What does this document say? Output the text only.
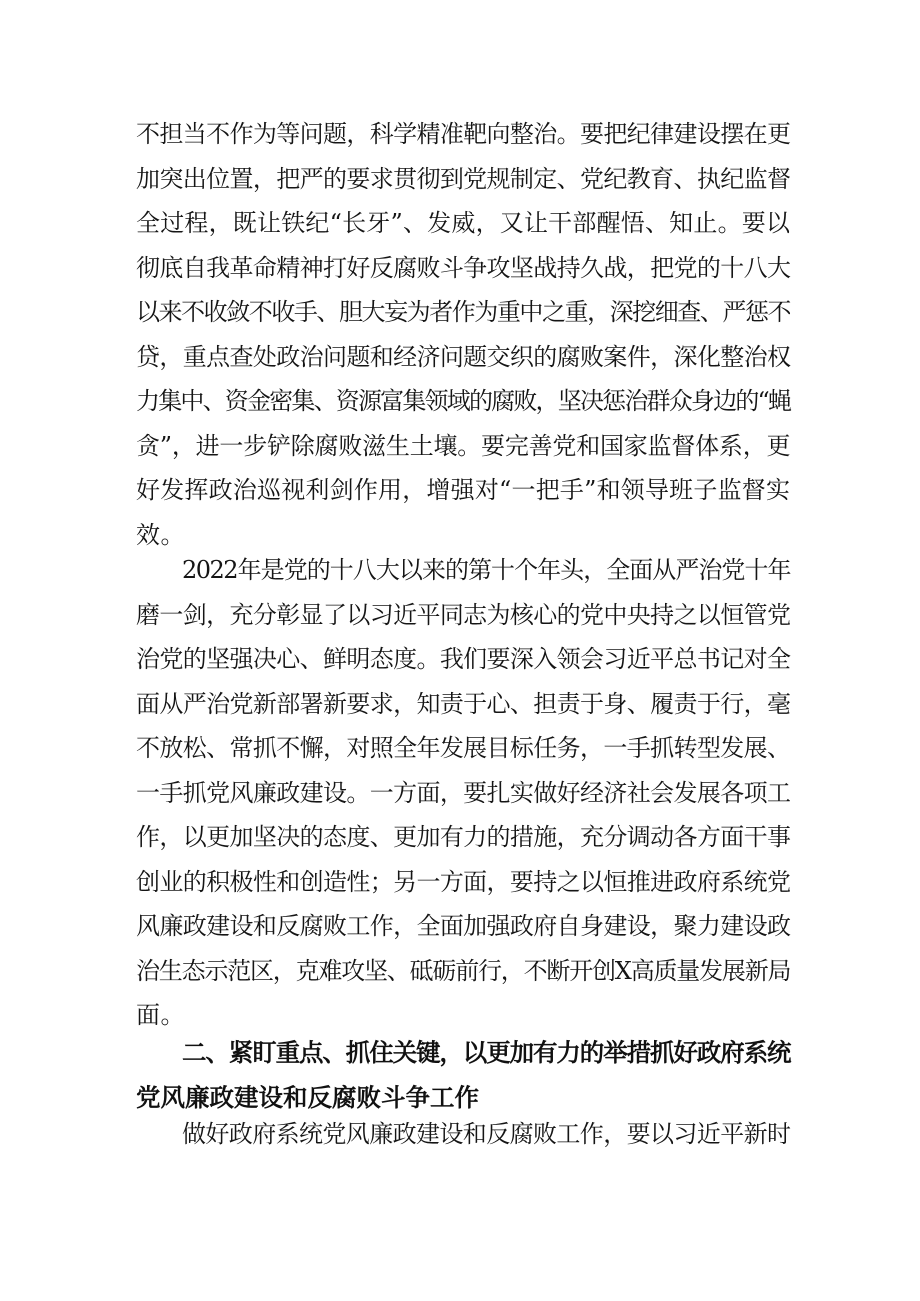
不担当不作为等问题，科学精准靶向整治。要把纪律建设摆在更
加突出位置，把严的要求贯彻到党规制定、党纪教育、执纪监督
全过程，既让铁纪“长牙”、发威，又让干部醒悟、知止。要以
彻底自我革命精神打好反腐败斗争攻坚战持久战，把党的十八大
以来不收敛不收手、胆大妄为者作为重中之重，深挖细查、严惩不
贷，重点查处政治问题和经济问题交织的腐败案件，深化整治权
力集中、资金密集、资源富集领域的腐败，坚决惩治群众身边的“蝇
贪”，进一步铲除腐败滋生土壤。要完善党和国家监督体系，更
好发挥政治巡视利剑作用，增强对“一把手”和领导班子监督实
效。
2022年是党的十八大以来的第十个年头，全面从严治党十年
磨一剑，充分彰显了以习近平同志为核心的党中央持之以恒管党
治党的坚强决心、鲜明态度。我们要深入领会习近平总书记对全
面从严治党新部署新要求，知责于心、担责于身、履责于行，毫
不放松、常抓不懈，对照全年发展目标任务，一手抓转型发展、
一手抓党风廉政建设。一方面，要扎实做好经济社会发展各项工
作，以更加坚决的态度、更加有力的措施，充分调动各方面干事
创业的积极性和创造性；另一方面，要持之以恒推进政府系统党
风廉政建设和反腐败工作，全面加强政府自身建设，聚力建设政
治生态示范区，克难攻坚、砥砺前行，不断开创X高质量发展新局
面。
二、紧盯重点、抓住关键，以更加有力的举措抓好政府系统
党风廉政建设和反腐败斗争工作
做好政府系统党风廉政建设和反腐败工作，要以习近平新时
